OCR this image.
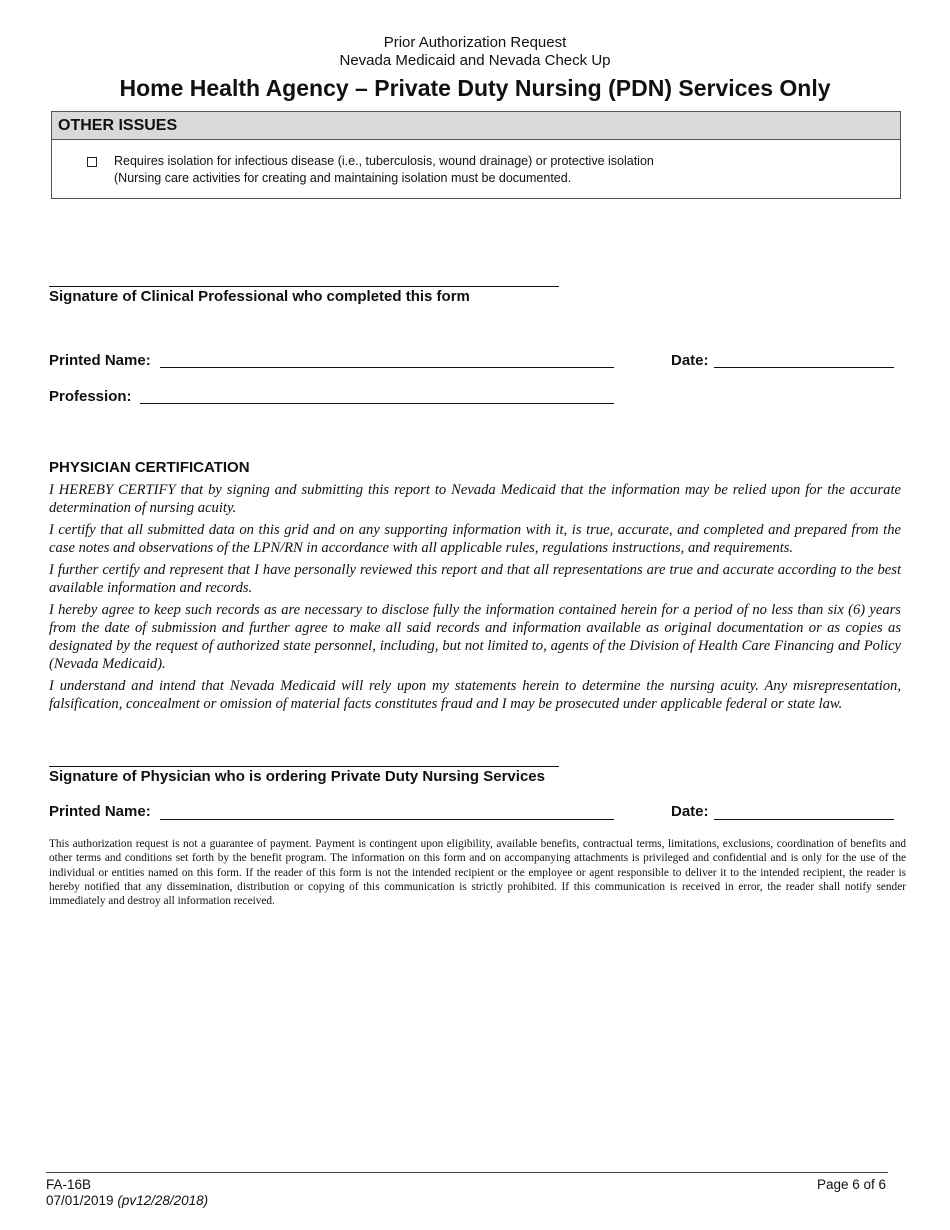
Prior Authorization Request
Nevada Medicaid and Nevada Check Up
Home Health Agency – Private Duty Nursing (PDN) Services Only
OTHER ISSUES
Requires isolation for infectious disease (i.e., tuberculosis, wound drainage) or protective isolation
(Nursing care activities for creating and maintaining isolation must be documented.
Signature of Clinical Professional who completed this form
Printed Name:	Date:
Profession:
PHYSICIAN CERTIFICATION

I HEREBY CERTIFY that by signing and submitting this report to Nevada Medicaid that the information may be relied upon for the accurate determination of nursing acuity.

I certify that all submitted data on this grid and on any supporting information with it, is true, accurate, and completed and prepared from the case notes and observations of the LPN/RN in accordance with all applicable rules, regulations instructions, and requirements.

I further certify and represent that I have personally reviewed this report and that all representations are true and accurate according to the best available information and records.

I hereby agree to keep such records as are necessary to disclose fully the information contained herein for a period of no less than six (6) years from the date of submission and further agree to make all said records and information available as original documentation or as copies as designated by the request of authorized state personnel, including, but not limited to, agents of the Division of Health Care Financing and Policy (Nevada Medicaid).

I understand and intend that Nevada Medicaid will rely upon my statements herein to determine the nursing acuity. Any misrepresentation, falsification, concealment or omission of material facts constitutes fraud and I may be prosecuted under applicable federal or state law.

Signature of Physician who is ordering Private Duty Nursing Services
Printed Name:	Date:
This authorization request is not a guarantee of payment. Payment is contingent upon eligibility, available benefits, contractual terms, limitations, exclusions, coordination of benefits and other terms and conditions set forth by the benefit program. The information on this form and on accompanying attachments is privileged and confidential and is only for the use of the individual or entities named on this form. If the reader of this form is not the intended recipient or the employee or agent responsible to deliver it to the intended recipient, the reader is hereby notified that any dissemination, distribution or copying of this communication is strictly prohibited. If this communication is received in error, the reader shall notify sender immediately and destroy all information received.
FA-16B
07/01/2019 (pv12/28/2018)
Page 6 of 6
